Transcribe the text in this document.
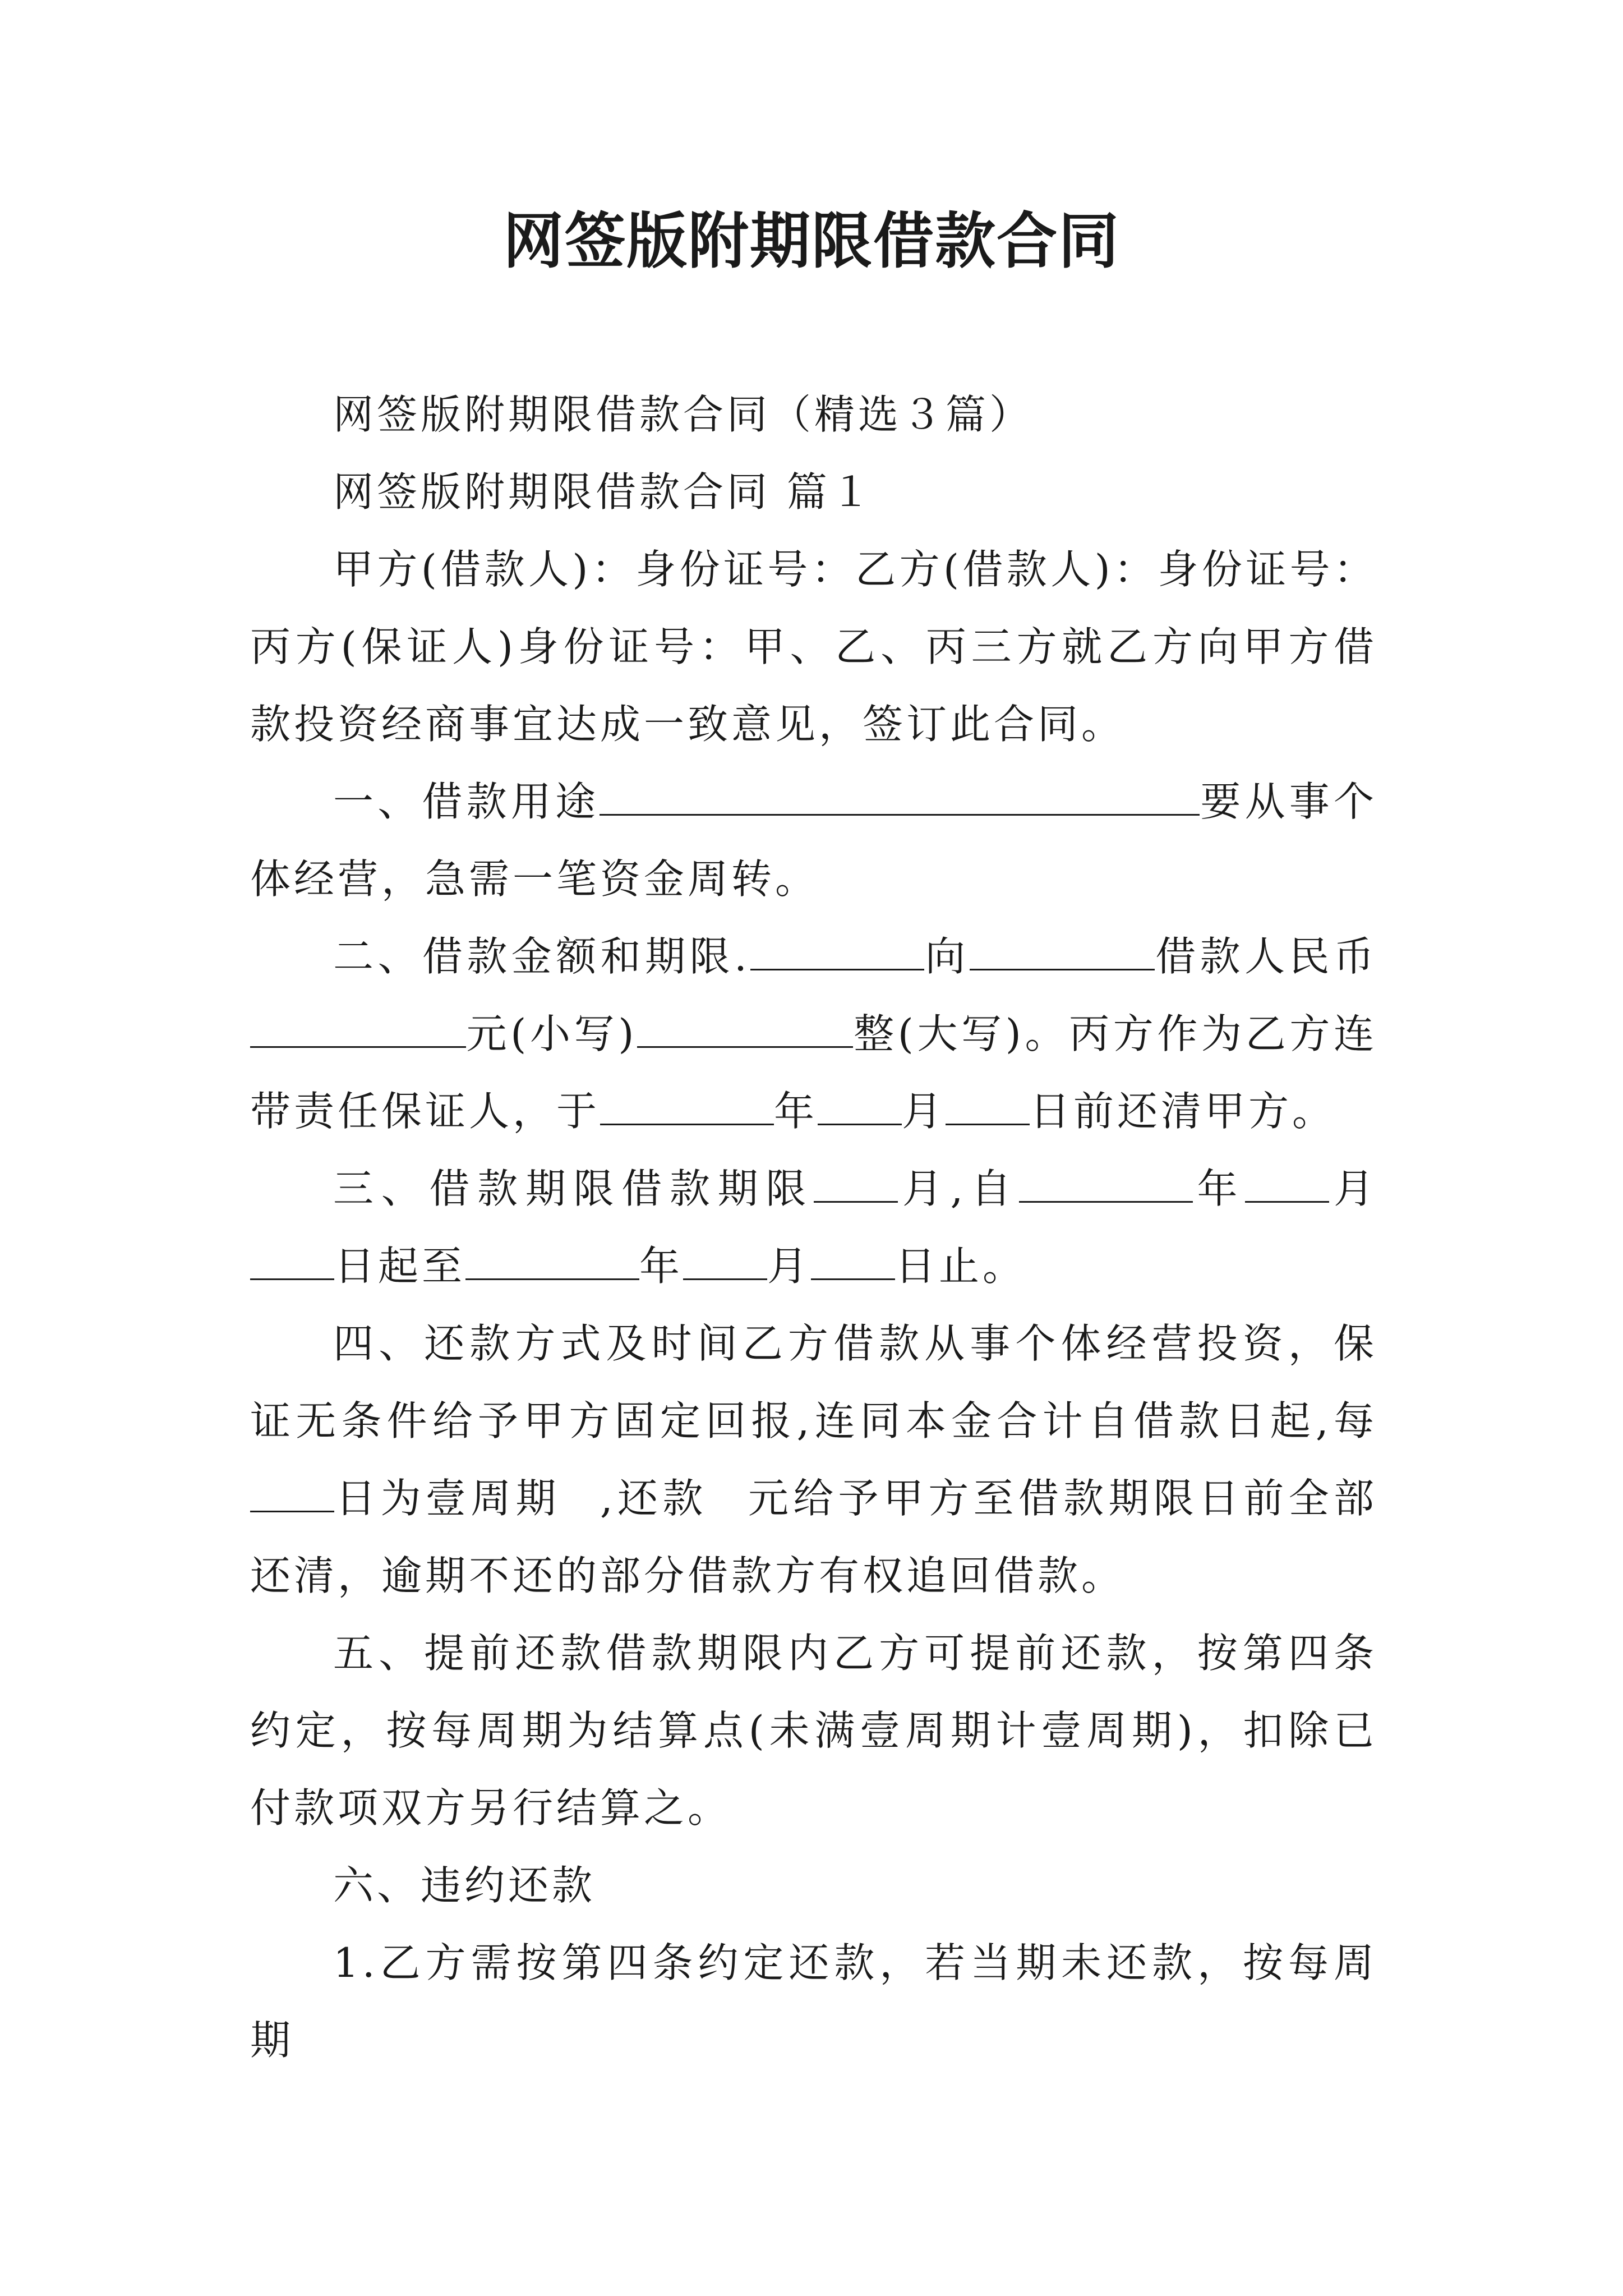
网签版附期限借款合同

网签版附期限借款合同（精选３篇）

网签版附期限借款合同 篇１

甲方(借款人)：身份证号：乙方(借款人)：身份证号：丙方(保证人)身份证号：甲、乙、丙三方就乙方向甲方借款投资经商事宜达成一致意见，签订此合同。

一、借款用途	要从事个体经营，急需一笔资金周转。

二、借款金额和期限.	向	借款人民币元(小写)	整(大写)。丙方作为乙方连带责任保证人，于	年 月 日前还清甲方。

三、借款期限借款期限 月,自	年 月日起至	年 月 日止。

四、还款方式及时间乙方借款从事个体经营投资，保证无条件给予甲方固定回报,连同本金合计自借款日起,每日为壹周期 ,还款 元给予甲方至借款期限日前全部还清，逾期不还的部分借款方有权追回借款。

五、提前还款借款期限内乙方可提前还款，按第四条约定，按每周期为结算点(未满壹周期计壹周期)，扣除已付款项双方另行结算之。

六、违约还款

1.乙方需按第四条约定还款，若当期未还款，按每周期
